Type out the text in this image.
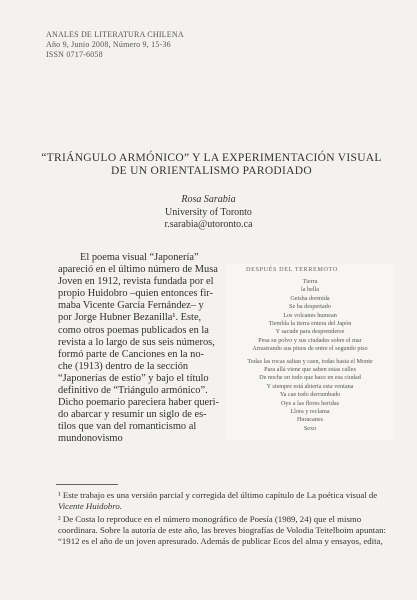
ANALES DE LITERATURA CHILENA
Año 9, Junio 2008, Número 9, 15-36
ISSN 0717-6058
“TRIÁNGULO ARMÓNICO” Y LA EXPERIMENTACIÓN VISUAL
DE UN ORIENTALISMO PARODIADO
Rosa Sarabia
University of Toronto
r.sarabia@utoronto.ca
El poema visual “Japonería”
apareció en el último número de Musa
Joven en 1912, revista fundada por el
propio Huidobro –quien entonces fir-
maba Vicente García Fernández– y
por Jorge Hubner Bezanilla¹. Este,
como otros poemas publicados en la
revista a lo largo de sus seis números,
formó parte de Canciones en la no-
che (1913) dentro de la sección
“Japonerías de estío” y bajo el título
definitivo de “Triángulo armónico”.
Dicho poemario pareciera haber queri-
do abarcar y resumir un siglo de es-
tilos que van del romanticismo al
mundonovismo
DESPUÉS DEL TERREMOTO
Tierra
la bella
Geisha dormida
Se ha despertado
Los volcanes humean
Tiembla la tierra entera del Japón
Y sacude para desprenderse
Pesa su polvo y sus ciudades sobre el mar
Arrastrando sus pinos de entre el segundo piso
Todas las rocas saltan y caen, todas hasta el Monte
Para allá viene que saben estas calles
De noche en todo que hace en esa ciudad
Y siempre está abierta esta ventana
Ya cae todo derrumbado
Oye a las flores heridas
Llora y reclama
Huracanes
Sexo
¹ Este trabajo es una versión parcial y corregida del último capítulo de La poética visual de
Vicente Huidobro.
² De Costa lo reproduce en el número monográfico de Poesía (1989, 24) que el mismo
coordinara. Sobre la autoría de este año, las breves biografías de Volodia Teitelboim apuntan:
“1912 es el año de un joven apresurado. Además de publicar Ecos del alma y ensayos, edita,
